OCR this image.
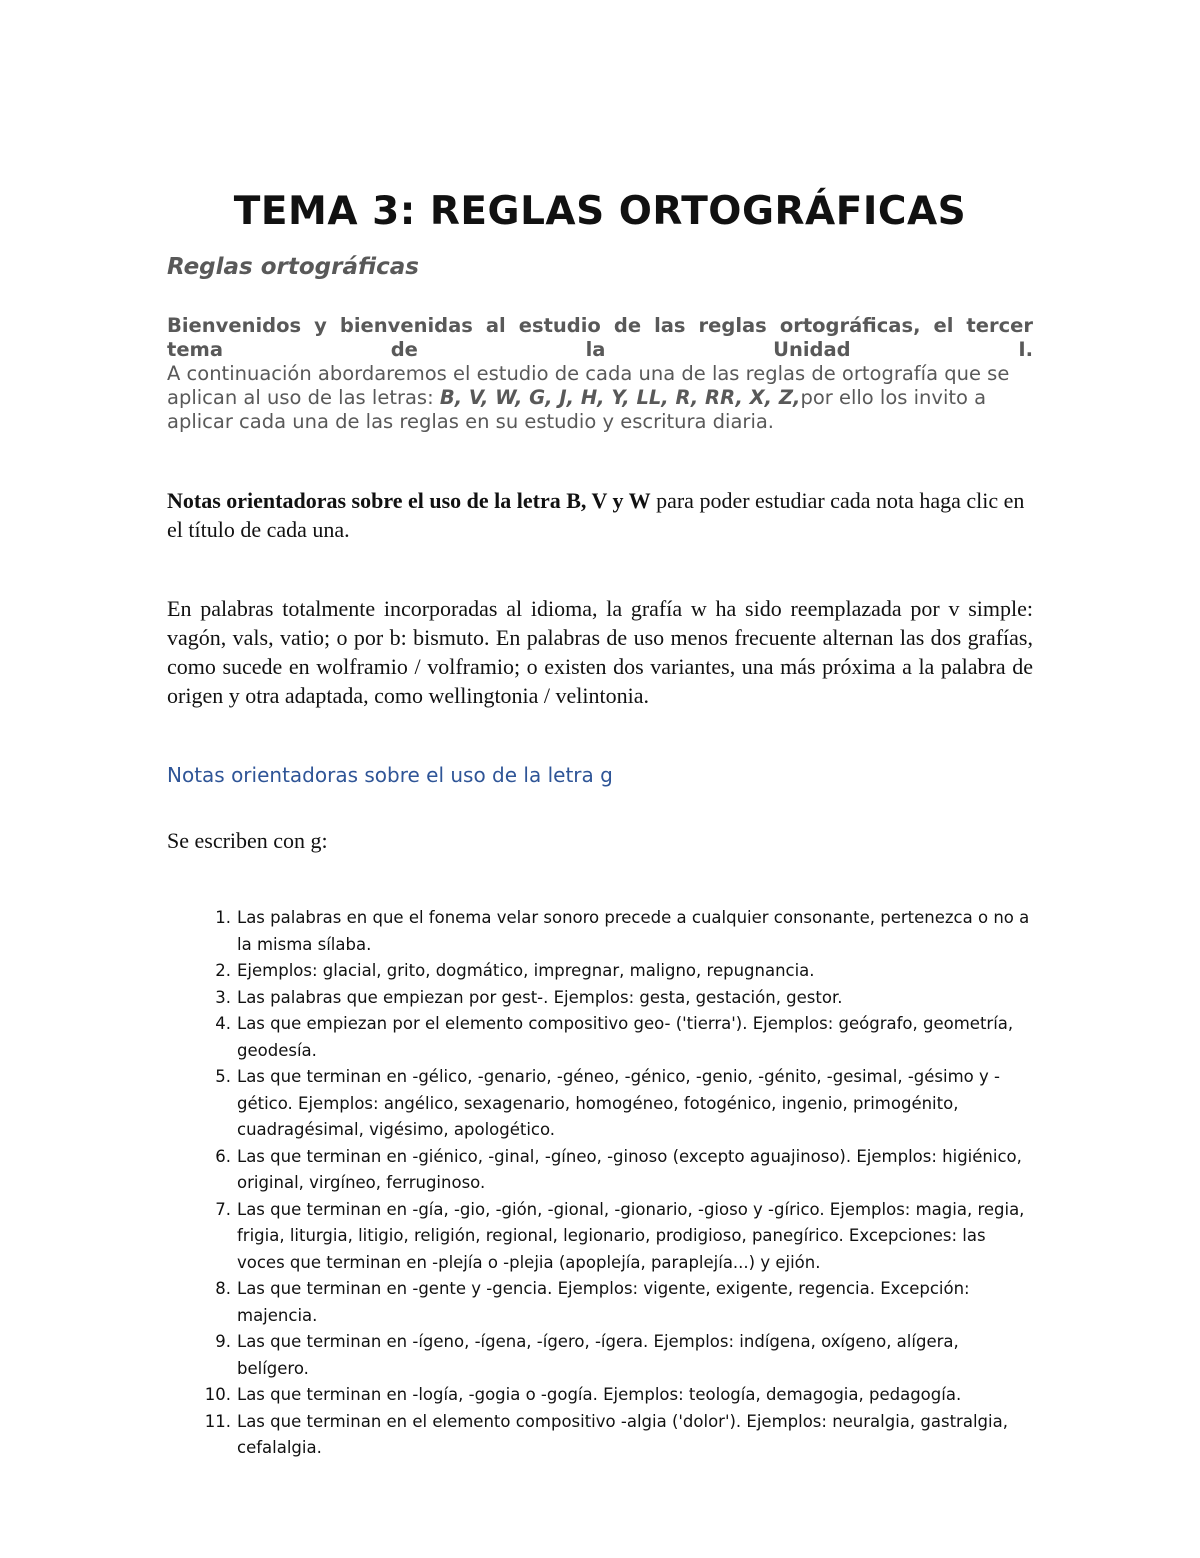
TEMA 3: REGLAS ORTOGRÁFICAS
Reglas ortográficas

Bienvenidos y bienvenidas al estudio de las reglas ortográficas, el tercer tema de la Unidad I.
A continuación abordaremos el estudio de cada una de las reglas de ortografía que se aplican al uso de las letras: B, V, W, G, J, H, Y, LL, R, RR, X, Z,por ello los invito a aplicar cada una de las reglas en su estudio y escritura diaria.

Notas orientadoras sobre el uso de la letra B, V y W para poder estudiar cada nota haga clic en el título de cada una.

En palabras totalmente incorporadas al idioma, la grafía w ha sido reemplazada por v simple: vagón, vals, vatio; o por b: bismuto. En palabras de uso menos frecuente alternan las dos grafías, como sucede en wolframio / volframio; o existen dos variantes, una más próxima a la palabra de origen y otra adaptada, como wellingtonia / velintonia.

Notas orientadoras sobre el uso de la letra g

Se escriben con g:

1. Las palabras en que el fonema velar sonoro precede a cualquier consonante, pertenezca o no a la misma sílaba.
2. Ejemplos: glacial, grito, dogmático, impregnar, maligno, repugnancia.
3. Las palabras que empiezan por gest-. Ejemplos: gesta, gestación, gestor.
4. Las que empiezan por el elemento compositivo geo- ('tierra'). Ejemplos: geógrafo, geometría, geodesía.
5. Las que terminan en -gélico, -genario, -géneo, -génico, -genio, -génito, -gesimal, -gésimo y -gético. Ejemplos: angélico, sexagenario, homogéneo, fotogénico, ingenio, primogénito, cuadragésimal, vigésimo, apologético.
6. Las que terminan en -giénico, -ginal, -gíneo, -ginoso (excepto aguajinoso). Ejemplos: higiénico, original, virgíneo, ferruginoso.
7. Las que terminan en -gía, -gio, -gión, -gional, -gionario, -gioso y -gírico. Ejemplos: magia, regia, frigia, liturgia, litigio, religión, regional, legionario, prodigioso, panegírico. Excepciones: las voces que terminan en -plejía o -plejia (apoplejía, paraplejía...) y ejión.
8. Las que terminan en -gente y -gencia. Ejemplos: vigente, exigente, regencia. Excepción: majencia.
9. Las que terminan en -ígeno, -ígena, -ígero, -ígera. Ejemplos: indígena, oxígeno, alígera, belígero.
10. Las que terminan en -logía, -gogia o -gogía. Ejemplos: teología, demagogia, pedagogía.
11. Las que terminan en el elemento compositivo -algia ('dolor'). Ejemplos: neuralgia, gastralgia, cefalalgia.
